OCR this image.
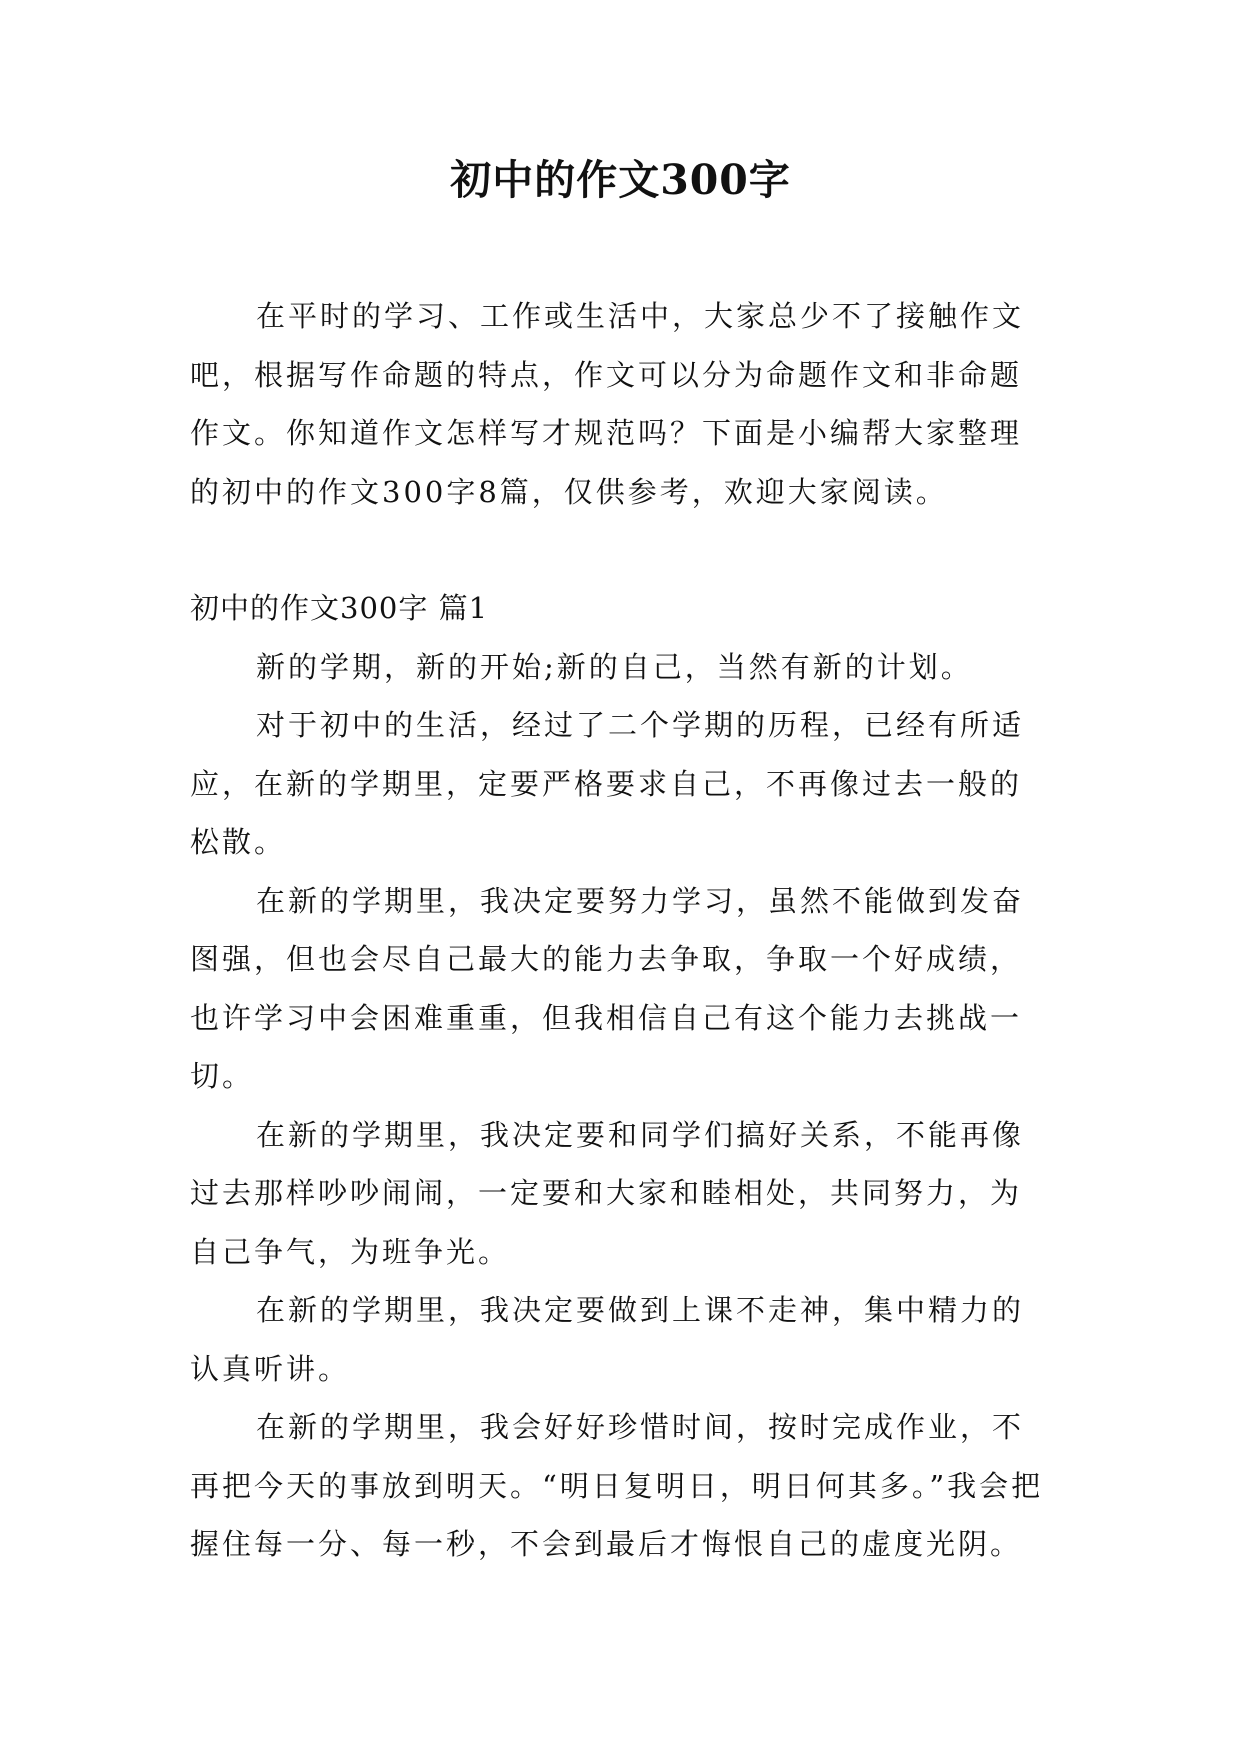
初中的作文300字

在平时的学习、工作或生活中，大家总少不了接触作文吧，根据写作命题的特点，作文可以分为命题作文和非命题作文。你知道作文怎样写才规范吗？下面是小编帮大家整理的初中的作文300字8篇，仅供参考，欢迎大家阅读。

初中的作文300字 篇1

新的学期，新的开始;新的自己，当然有新的计划。

对于初中的生活，经过了二个学期的历程，已经有所适应，在新的学期里，定要严格要求自己，不再像过去一般的松散。

在新的学期里，我决定要努力学习，虽然不能做到发奋图强，但也会尽自己最大的能力去争取，争取一个好成绩，也许学习中会困难重重，但我相信自己有这个能力去挑战一切。

在新的学期里，我决定要和同学们搞好关系，不能再像过去那样吵吵闹闹，一定要和大家和睦相处，共同努力，为自己争气，为班争光。

在新的学期里，我决定要做到上课不走神，集中精力的认真听讲。

在新的学期里，我会好好珍惜时间，按时完成作业，不再把今天的事放到明天。“明日复明日，明日何其多。”我会把握住每一分、每一秒，不会到最后才悔恨自己的虚度光阴。
